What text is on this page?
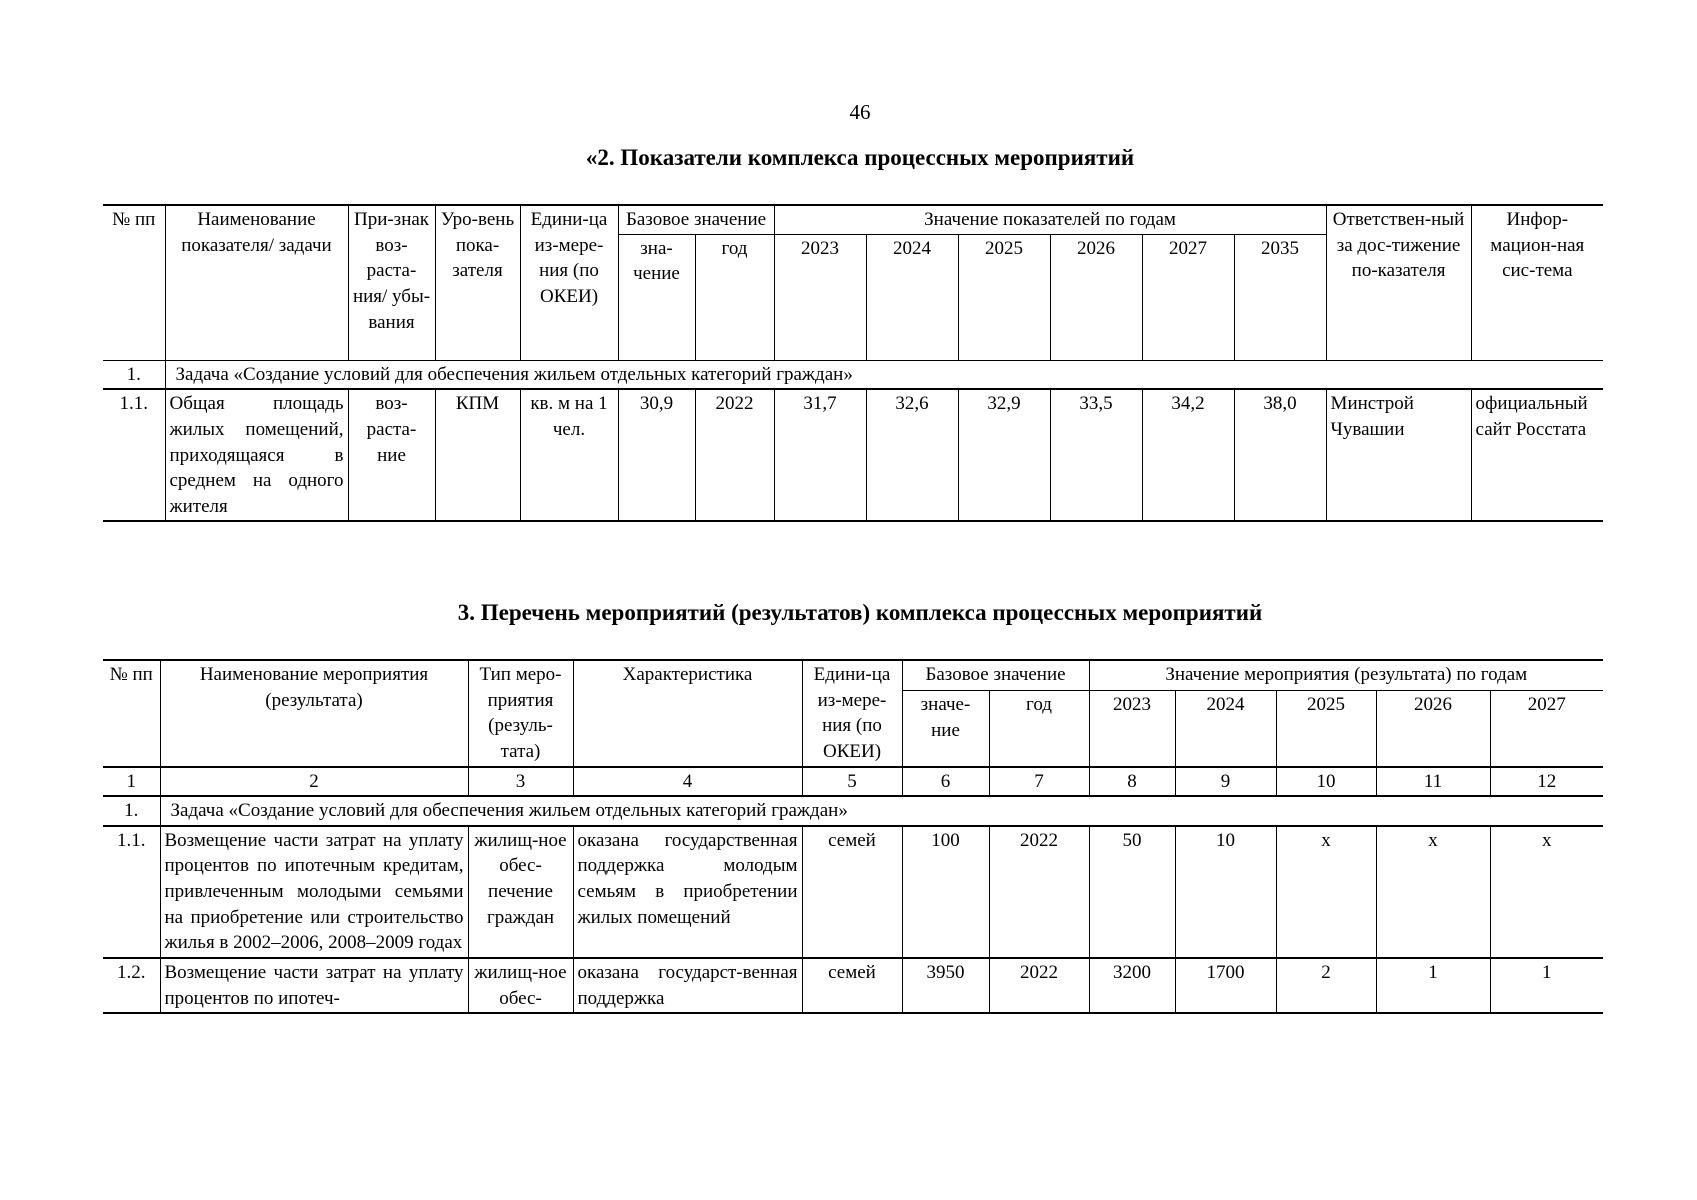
46
«2. Показатели комплекса процессных мероприятий
№ пп	Наименование показателя/ задачи	При-знак воз-раста-ния/ убы-вания	Уро-вень пока-зателя	Едини-ца из-мере-ния (по ОКЕИ)	Базовое значение		Значение показателей по годам						Ответствен-ный за дос-тижение по-казателя	Инфор-мацион-ная сис-тема
					зна-чение	год	2023	2024	2025	2026	2027	2035		
1.	Задача «Создание условий для обеспечения жильем отдельных категорий граждан»													
1.1.	Общая площадь жилых помещений, приходящаяся в среднем на одного жителя	воз-раста-ние	КПМ	кв. м на 1 чел.	30,9	2022	31,7	32,6	32,9	33,5	34,2	38,0	Минстрой Чувашии	официальный сайт Росстата
3. Перечень мероприятий (результатов) комплекса процессных мероприятий
№ пп	Наименование мероприятия (результата)	Тип меро-приятия (резуль-тата)	Характеристика	Едини-ца из-мере-ния (по ОКЕИ)	Базовое значение		Значение мероприятия (результата) по годам				
					значе-ние	год	2023	2024	2025	2026	2027
1	2	3	4	5	6	7	8	9	10	11	12
1.	Задача «Создание условий для обеспечения жильем отдельных категорий граждан»										
1.1.	Возмещение части затрат на уплату процентов по ипотечным кредитам, привлеченным молодыми семьями на приобретение или строительство жилья в 2002–2006, 2008–2009 годах	жилищ-ное обес-печение граждан	оказана государственная поддержка молодым семьям в приобретении жилых помещений	семей	100	2022	50	10	х	х	х
1.2.	Возмещение части затрат на уплату процентов по ипотеч-	жилищ-ное обес-	оказана государст-венная поддержка	семей	3950	2022	3200	1700	2	1	1
